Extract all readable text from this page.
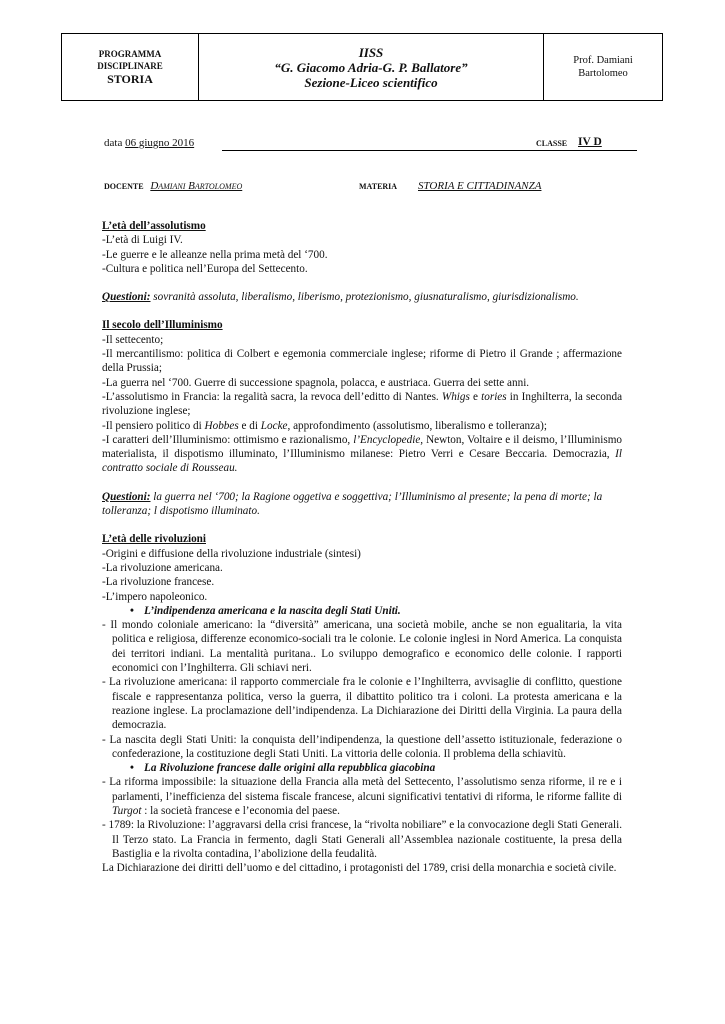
PROGRAMMA
DISCIPLINARE
STORIA
IISS
“G. Giacomo Adria-G. P. Ballatore”
Sezione-Liceo scientifico
Prof. Damiani
Bartolomeo
data 06 giugno 2016	CLASSE IV D
DOCENTE Damiani Bartolomeo	MATERIA STORIA E CITTADINANZA

L’età dell’assolutismo

-L’età di Luigi IV.

-Le guerre e le alleanze nella prima metà del ‘700.

-Cultura e politica nell’Europa del Settecento.

Questioni: sovranità assoluta, liberalismo, liberismo, protezionismo, giusnaturalismo, giurisdizionalismo.

Il secolo dell’Illuminismo

-Il settecento;

-Il mercantilismo: politica di Colbert e egemonia commerciale inglese; riforme di Pietro il Grande ; affermazione della Prussia;

-La guerra nel ‘700. Guerre di successione spagnola, polacca, e austriaca. Guerra dei sette anni.

-L’assolutismo in Francia: la regalità sacra, la revoca dell’editto di Nantes. Whigs e tories in Inghilterra, la seconda rivoluzione inglese;

-Il pensiero politico di Hobbes e di Locke, approfondimento (assolutismo, liberalismo e tolleranza);

-I caratteri dell’Illuminismo: ottimismo e razionalismo, l’Encyclopedie, Newton, Voltaire e il deismo, l’Illuminismo materialista, il dispotismo illuminato, l’Illuminismo milanese: Pietro Verri e Cesare Beccaria. Democrazia, Il contratto sociale di Rousseau.

Questioni: la guerra nel ‘700; la Ragione oggetiva e soggettiva; l’Illuminismo al presente; la pena di morte; la tolleranza; l dispotismo illuminato.

L’età delle rivoluzioni

-Origini e diffusione della rivoluzione industriale (sintesi)

-La rivoluzione americana.

-La rivoluzione francese.

-L’impero napoleonico.

• L’indipendenza americana e la nascita degli Stati Uniti.

- Il mondo coloniale americano: la “diversità” americana, una società mobile, anche se non egualitaria, la vita politica e religiosa, differenze economico-sociali tra le colonie. Le colonie inglesi in Nord America. La conquista dei territori indiani. La mentalità puritana.. Lo sviluppo demografico e economico delle colonie. I rapporti economici con l’Inghilterra. Gli schiavi neri.

- La rivoluzione americana: il rapporto commerciale fra le colonie e l’Inghilterra, avvisaglie di conflitto, questione fiscale e rappresentanza politica, verso la guerra, il dibattito politico tra i coloni. La protesta americana e la reazione inglese. La proclamazione dell’indipendenza. La Dichiarazione dei Diritti della Virginia. La paura della democrazia.

- La nascita degli Stati Uniti: la conquista dell’indipendenza, la questione dell’assetto istituzionale, federazione o confederazione, la costituzione degli Stati Uniti. La vittoria delle colonia. Il problema della schiavitù.

• La Rivoluzione francese dalle origini alla repubblica giacobina

- La riforma impossibile: la situazione della Francia alla metà del Settecento, l’assolutismo senza riforme, il re e i parlamenti, l’inefficienza del sistema fiscale francese, alcuni significativi tentativi di riforma, le riforme fallite di Turgot : la società francese e l’economia del paese.

- 1789: la Rivoluzione: l’aggravarsi della crisi francese, la “rivolta nobiliare” e la convocazione degli Stati Generali. Il Terzo stato. La Francia in fermento, dagli Stati Generali all’Assemblea nazionale costituente, la presa della Bastiglia e la rivolta contadina, l’abolizione della feudalità.

La Dichiarazione dei diritti dell’uomo e del cittadino, i protagonisti del 1789, crisi della monarchia e società civile.
